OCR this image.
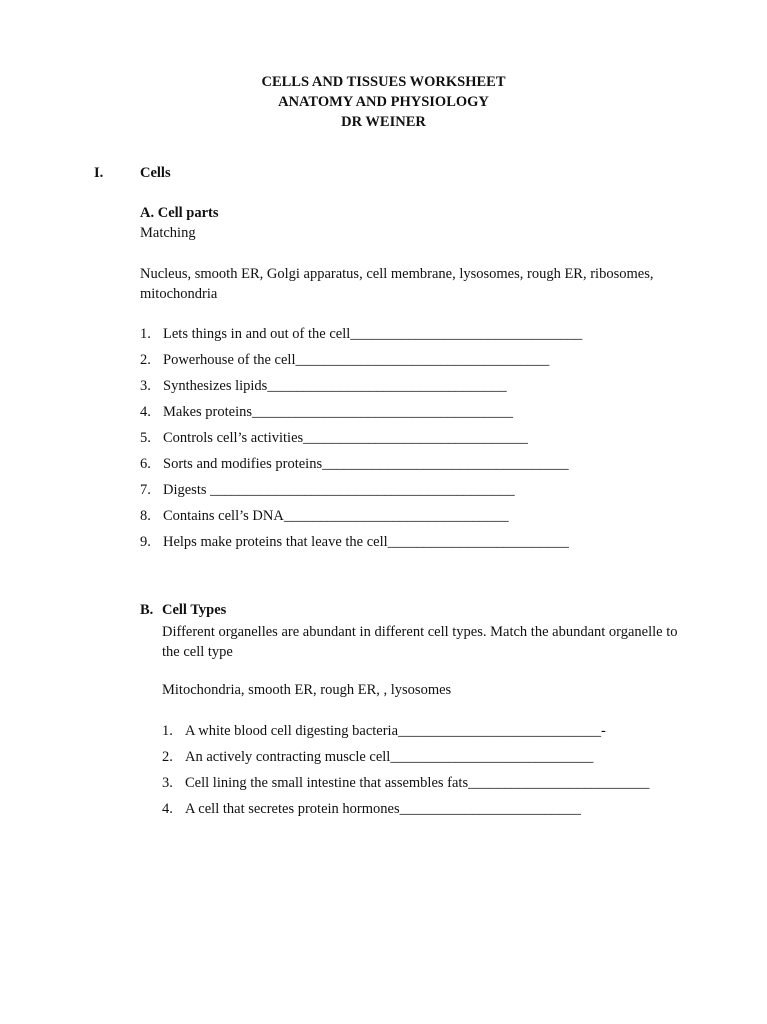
CELLS AND TISSUES WORKSHEET
ANATOMY AND PHYSIOLOGY
DR WEINER
I.	Cells
A. Cell parts
Matching
Nucleus, smooth ER, Golgi apparatus, cell membrane, lysosomes, rough ER, ribosomes, mitochondria
1. Lets things in and out of the cell________________________________
2. Powerhouse of the cell___________________________________
3. Synthesizes lipids_________________________________
4. Makes proteins____________________________________
5. Controls cell’s activities_______________________________
6. Sorts and modifies proteins__________________________________
7. Digests __________________________________________
8. Contains cell’s DNA_______________________________
9. Helps make proteins that leave the cell_________________________
B. Cell Types
Different organelles are abundant in different cell types. Match the abundant organelle to the cell type
Mitochondria, smooth ER, rough ER, , lysosomes
1. A white blood cell digesting bacteria____________________________-
2. An actively contracting muscle cell____________________________
3. Cell lining the small intestine that assembles fats_________________________
4. A cell that secretes protein hormones_________________________
